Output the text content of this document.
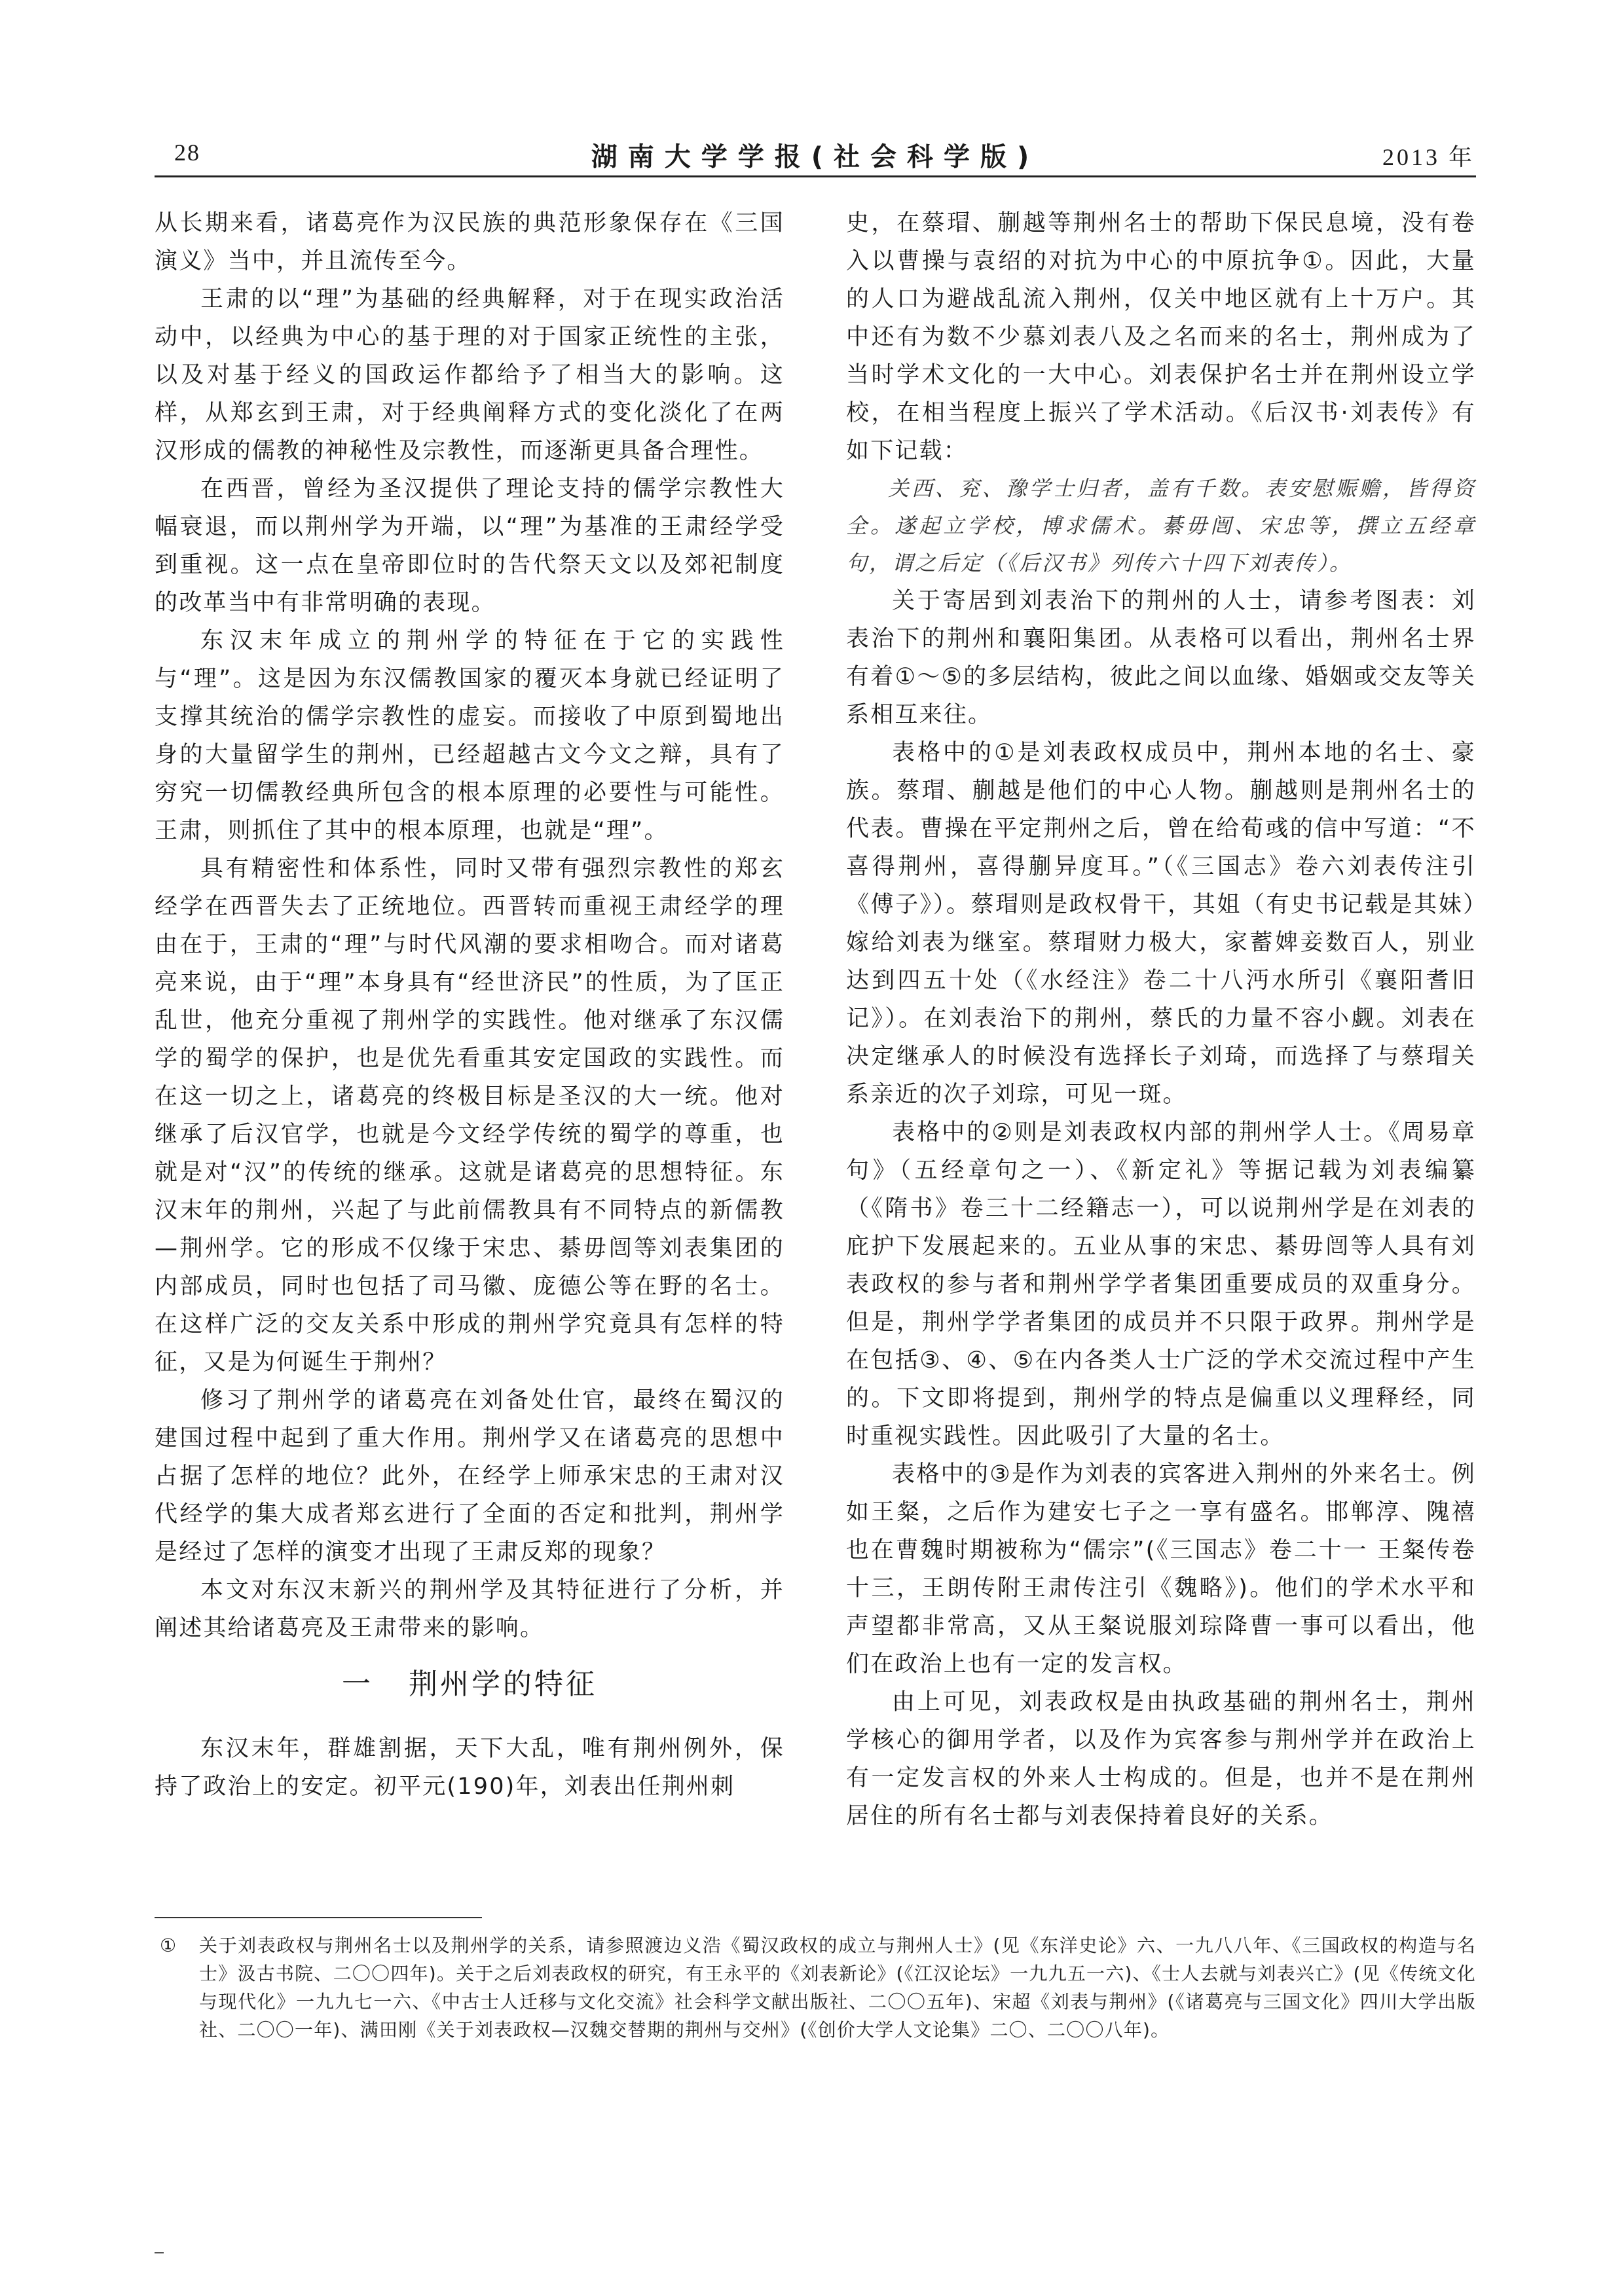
28	湖南大学学报(社会科学版)	2013 年

从长期来看，诸葛亮作为汉民族的典范形象保存在《三国演义》当中，并且流传至今。

王肃的以“理”为基础的经典解释，对于在现实政治活动中，以经典为中心的基于理的对于国家正统性的主张，以及对基于经义的国政运作都给予了相当大的影响。这样，从郑玄到王肃，对于经典阐释方式的变化淡化了在两汉形成的儒教的神秘性及宗教性，而逐渐更具备合理性。

在西晋，曾经为圣汉提供了理论支持的儒学宗教性大幅衰退，而以荆州学为开端，以“理”为基准的王肃经学受到重视。这一点在皇帝即位时的告代祭天文以及郊祀制度的改革当中有非常明确的表现。

东汉末年成立的荆州学的特征在于它的实践性与“理”。这是因为东汉儒教国家的覆灭本身就已经证明了支撑其统治的儒学宗教性的虚妄。而接收了中原到蜀地出身的大量留学生的荆州，已经超越古文今文之辩，具有了穷究一切儒教经典所包含的根本原理的必要性与可能性。王肃，则抓住了其中的根本原理，也就是“理”。

具有精密性和体系性，同时又带有强烈宗教性的郑玄经学在西晋失去了正统地位。西晋转而重视王肃经学的理由在于，王肃的“理”与时代风潮的要求相吻合。而对诸葛亮来说，由于“理”本身具有“经世济民”的性质，为了匡正乱世，他充分重视了荆州学的实践性。他对继承了东汉儒学的蜀学的保护，也是优先看重其安定国政的实践性。而在这一切之上，诸葛亮的终极目标是圣汉的大一统。他对继承了后汉官学，也就是今文经学传统的蜀学的尊重，也就是对“汉”的传统的继承。这就是诸葛亮的思想特征。东汉末年的荆州，兴起了与此前儒教具有不同特点的新儒教—荆州学。它的形成不仅缘于宋忠、綦毋闿等刘表集团的内部成员，同时也包括了司马徽、庞德公等在野的名士。在这样广泛的交友关系中形成的荆州学究竟具有怎样的特征，又是为何诞生于荆州？

修习了荆州学的诸葛亮在刘备处仕官，最终在蜀汉的建国过程中起到了重大作用。荆州学又在诸葛亮的思想中占据了怎样的地位？此外，在经学上师承宋忠的王肃对汉代经学的集大成者郑玄进行了全面的否定和批判，荆州学是经过了怎样的演变才出现了王肃反郑的现象？

本文对东汉末新兴的荆州学及其特征进行了分析，并阐述其给诸葛亮及王肃带来的影响。

一 荆州学的特征

东汉末年，群雄割据，天下大乱，唯有荆州例外，保持了政治上的安定。初平元(190)年，刘表出任荆州刺

史，在蔡瑁、蒯越等荆州名士的帮助下保民息境，没有卷入以曹操与袁绍的对抗为中心的中原抗争①。因此，大量的人口为避战乱流入荆州，仅关中地区就有上十万户。其中还有为数不少慕刘表八及之名而来的名士，荆州成为了当时学术文化的一大中心。刘表保护名士并在荆州设立学校，在相当程度上振兴了学术活动。《后汉书·刘表传》有如下记载：

关西、兖、豫学士归者，盖有千数。表安慰赈赡，皆得资全。遂起立学校，博求儒术。綦毋闿、宋忠等，撰立五经章句，谓之后定（《后汉书》列传六十四下刘表传）。

关于寄居到刘表治下的荆州的人士，请参考图表：刘表治下的荆州和襄阳集团。从表格可以看出，荆州名士界有着①～⑤的多层结构，彼此之间以血缘、婚姻或交友等关系相互来往。

表格中的①是刘表政权成员中，荆州本地的名士、豪族。蔡瑁、蒯越是他们的中心人物。蒯越则是荆州名士的代表。曹操在平定荆州之后，曾在给荀彧的信中写道：“不喜得荆州，喜得蒯异度耳。”（《三国志》卷六刘表传注引《傅子》）。蔡瑁则是政权骨干，其姐（有史书记载是其妹）嫁给刘表为继室。蔡瑁财力极大，家蓄婢妾数百人，别业达到四五十处（《水经注》卷二十八沔水所引《襄阳耆旧记》）。在刘表治下的荆州，蔡氏的力量不容小觑。刘表在决定继承人的时候没有选择长子刘琦，而选择了与蔡瑁关系亲近的次子刘琮，可见一斑。

表格中的②则是刘表政权内部的荆州学人士。《周易章句》（五经章句之一）、《新定礼》等据记载为刘表编纂（《隋书》卷三十二经籍志一），可以说荆州学是在刘表的庇护下发展起来的。五业从事的宋忠、綦毋闿等人具有刘表政权的参与者和荆州学学者集团重要成员的双重身分。但是，荆州学学者集团的成员并不只限于政界。荆州学是在包括③、④、⑤在内各类人士广泛的学术交流过程中产生的。下文即将提到，荆州学的特点是偏重以义理释经，同时重视实践性。因此吸引了大量的名士。

表格中的③是作为刘表的宾客进入荆州的外来名士。例如王粲，之后作为建安七子之一享有盛名。邯郸淳、隗禧也在曹魏时期被称为“儒宗”(《三国志》卷二十一 王粲传卷十三，王朗传附王肃传注引《魏略》)。他们的学术水平和声望都非常高，又从王粲说服刘琮降曹一事可以看出，他们在政治上也有一定的发言权。

由上可见，刘表政权是由执政基础的荆州名士，荆州学核心的御用学者，以及作为宾客参与荆州学并在政治上有一定发言权的外来人士构成的。但是，也并不是在荆州居住的所有名士都与刘表保持着良好的关系。

① 关于刘表政权与荆州名士以及荆州学的关系，请参照渡边义浩《蜀汉政权的成立与荆州人士》(见《东洋史论》六、一九八八年、《三国政权的构造与名士》汲古书院、二〇〇四年)。关于之后刘表政权的研究，有王永平的《刘表新论》(《江汉论坛》一九九五一六)、《士人去就与刘表兴亡》(见《传统文化与现代化》一九九七一六、《中古士人迁移与文化交流》社会科学文献出版社、二〇〇五年)、宋超《刘表与荆州》(《诸葛亮与三国文化》四川大学出版社、二〇〇一年)、满田刚《关于刘表政权—汉魏交替期的荆州与交州》(《创价大学人文论集》二〇、二〇〇八年)。
